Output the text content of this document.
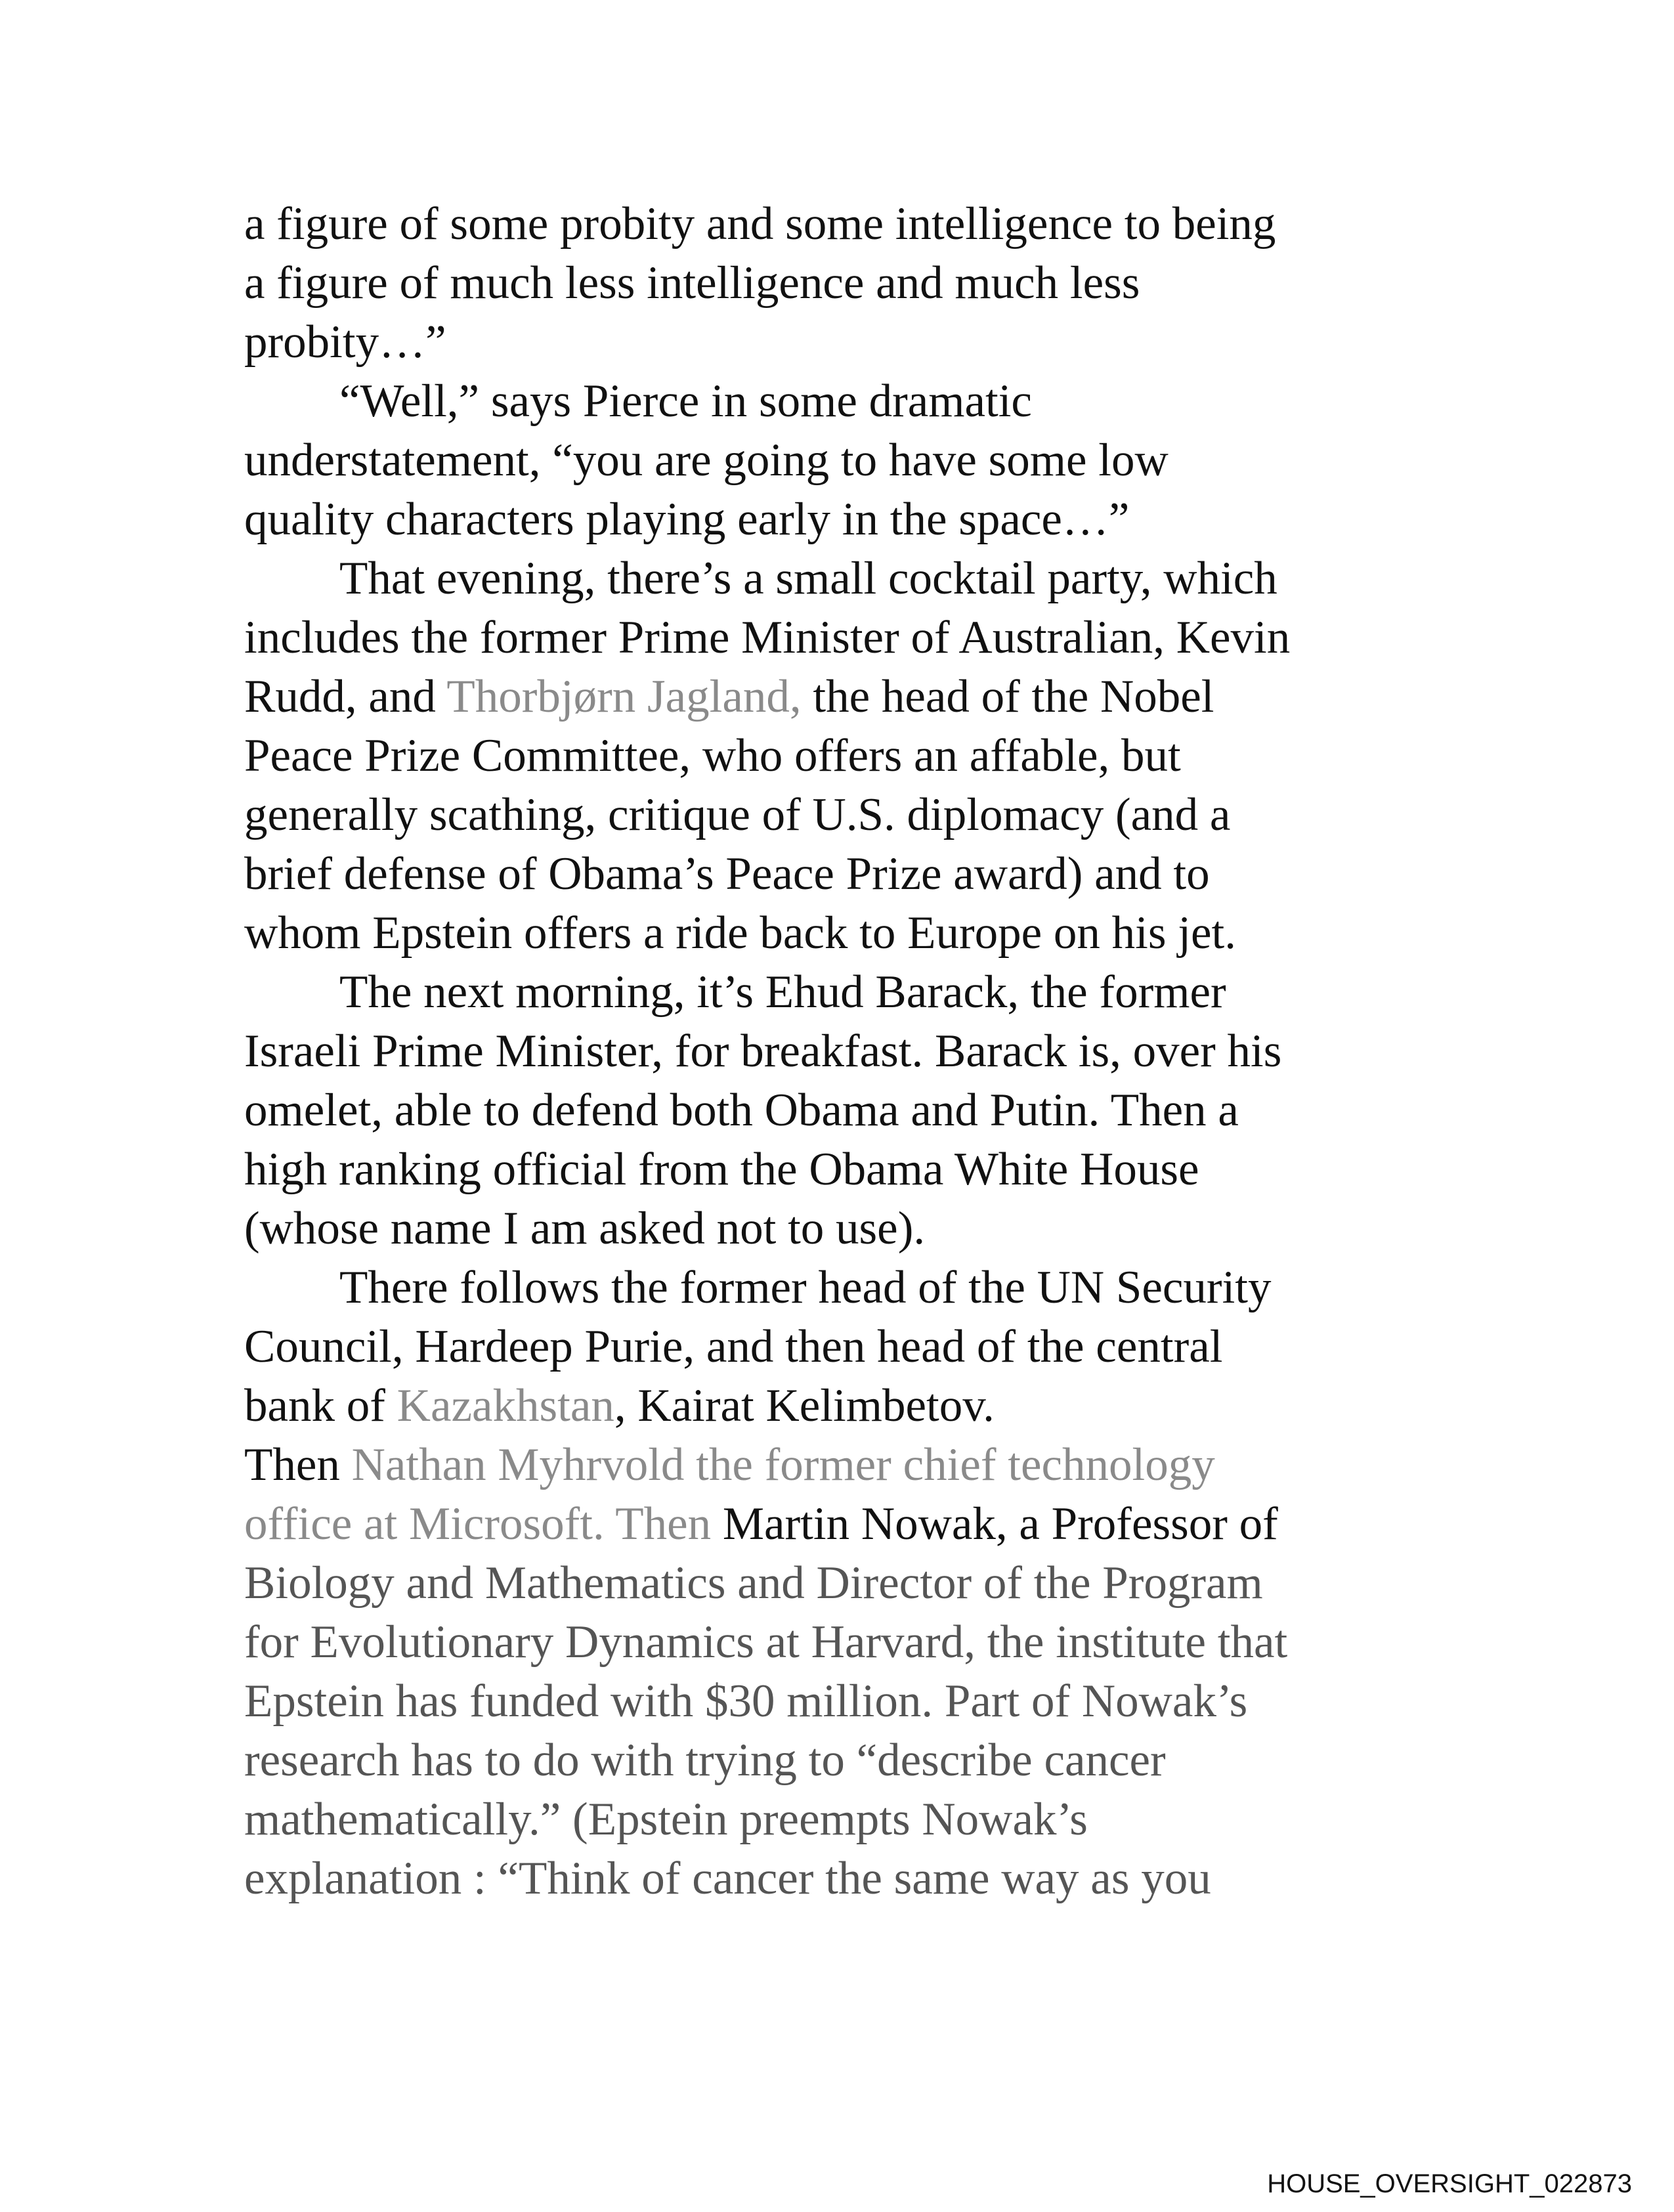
a figure of some probity and some intelligence to being
a figure of much less intelligence and much less
probity…”
“Well,” says Pierce in some dramatic
understatement, “you are going to have some low
quality characters playing early in the space…”
That evening, there’s a small cocktail party, which
includes the former Prime Minister of Australian, Kevin
Rudd, and Thorbjørn Jagland, the head of the Nobel
Peace Prize Committee, who offers an affable, but
generally scathing, critique of U.S. diplomacy (and a
brief defense of Obama’s Peace Prize award) and to
whom Epstein offers a ride back to Europe on his jet.
The next morning, it’s Ehud Barack, the former
Israeli Prime Minister, for breakfast. Barack is, over his
omelet, able to defend both Obama and Putin. Then a
high ranking official from the Obama White House
(whose name I am asked not to use).
There follows the former head of the UN Security
Council, Hardeep Purie, and then head of the central
bank of Kazakhstan, Kairat Kelimbetov.
Then Nathan Myhrvold the former chief technology
office at Microsoft. Then Martin Nowak, a Professor of
Biology and Mathematics and Director of the Program
for Evolutionary Dynamics at Harvard, the institute that
Epstein has funded with $30 million. Part of Nowak’s
research has to do with trying to “describe cancer
mathematically.” (Epstein preempts Nowak’s
explanation : “Think of cancer the same way as you
HOUSE_OVERSIGHT_022873
